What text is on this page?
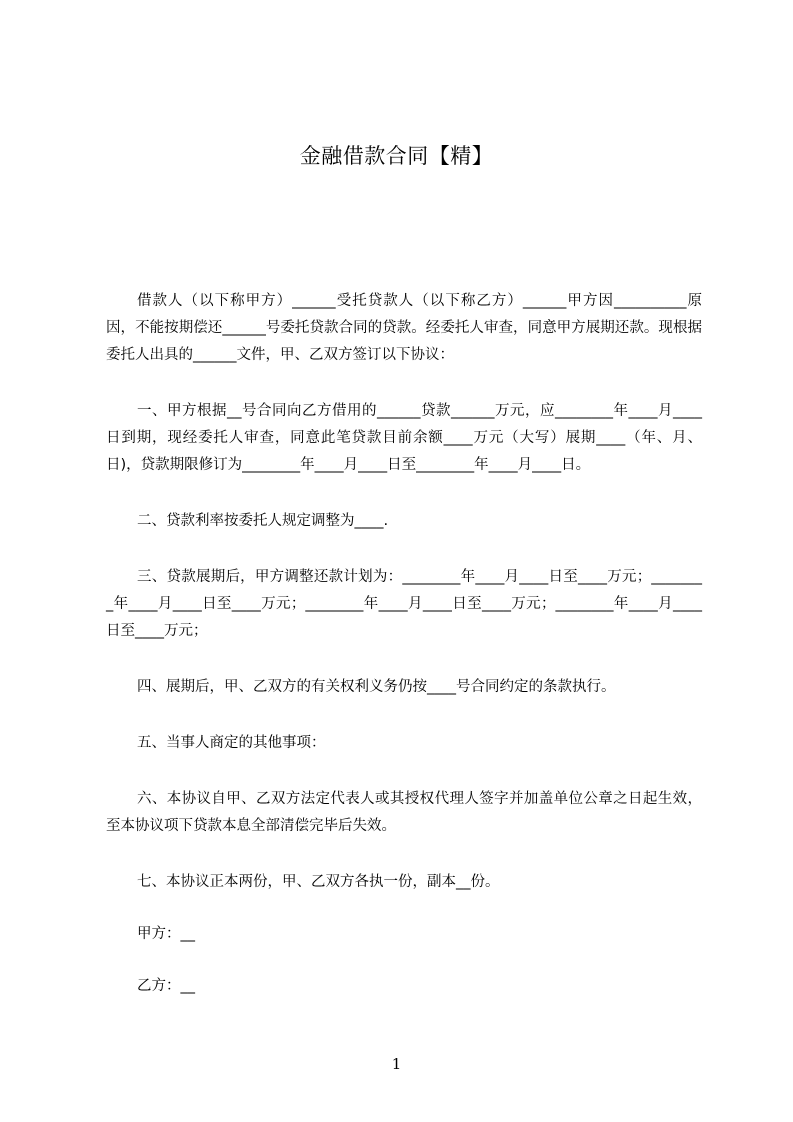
金融借款合同【精】

借款人（以下称甲方）______受托贷款人（以下称乙方）______甲方因__________原因，不能按期偿还______号委托贷款合同的贷款。经委托人审查，同意甲方展期还款。现根据委托人出具的______文件，甲、乙双方签订以下协议：

一、甲方根据__号合同向乙方借用的______贷款______万元，应________年____月____日到期，现经委托人审查，同意此笔贷款目前余额____万元（大写）展期____（年、月、日)，贷款期限修订为________年____月____日至________年____月____日。

二、贷款利率按委托人规定调整为____.

三、贷款展期后，甲方调整还款计划为：________年____月____日至____万元；________年____月____日至____万元；________年____月____日至____万元；________年____月____日至____万元；

四、展期后，甲、乙双方的有关权利义务仍按____号合同约定的条款执行。

五、当事人商定的其他事项：

六、本协议自甲、乙双方法定代表人或其授权代理人签字并加盖单位公章之日起生效，至本协议项下贷款本息全部清偿完毕后失效。

七、本协议正本两份，甲、乙双方各执一份，副本__份。

甲方：__

乙方：__

1
